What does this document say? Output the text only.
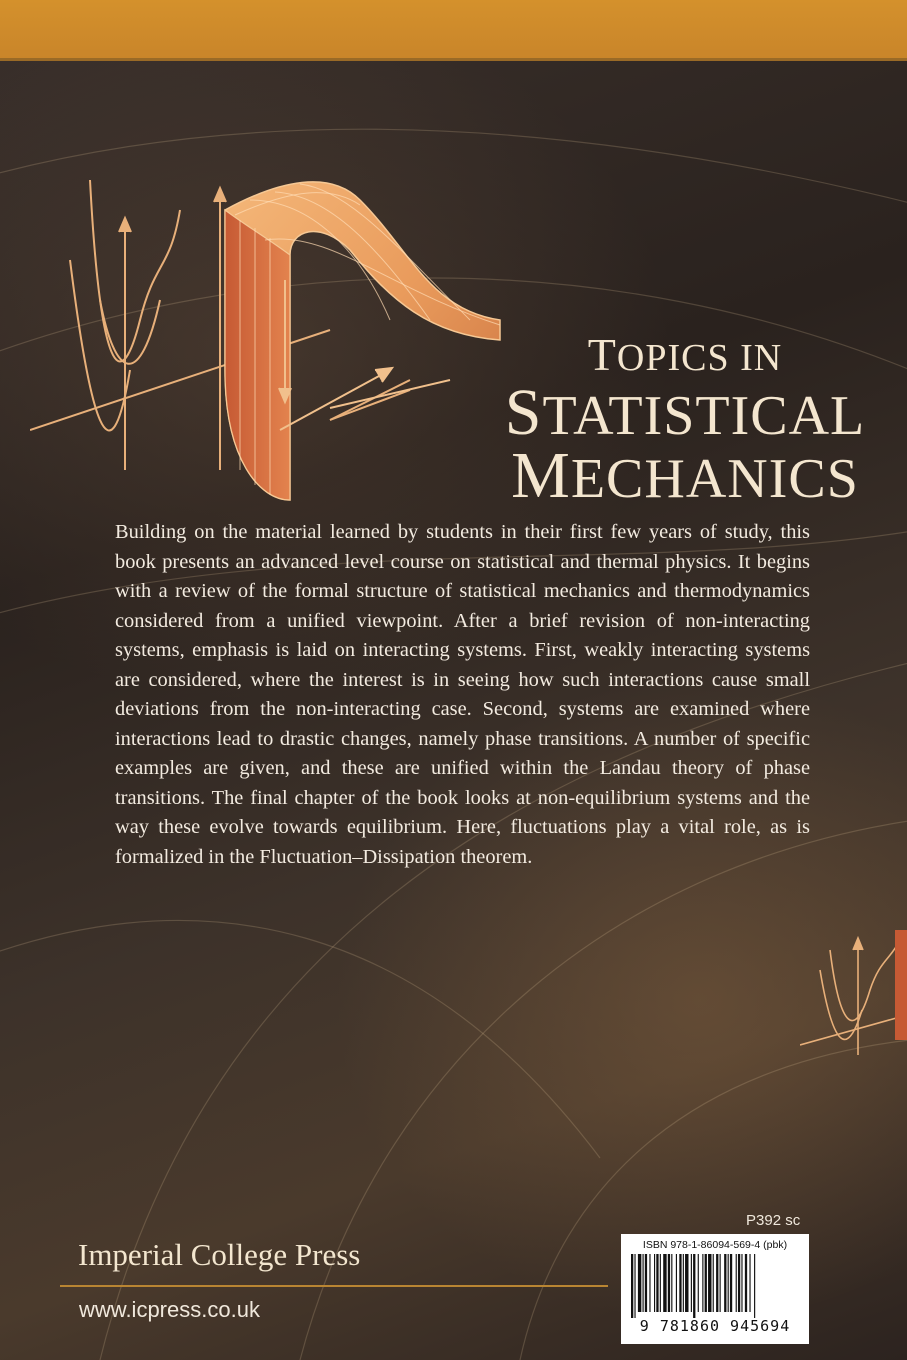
TOPICS IN
STATISTICAL
MECHANICS

Building on the material learned by students in their first few years of study, this book presents an advanced level course on statistical and thermal physics. It begins with a review of the formal structure of statistical mechanics and thermodynamics considered from a unified viewpoint. After a brief revision of non-interacting systems, emphasis is laid on interacting systems. First, weakly interacting systems are considered, where the interest is in seeing how such interactions cause small deviations from the non-interacting case. Second, systems are examined where interactions lead to drastic changes, namely phase transitions. A number of specific examples are given, and these are unified within the Landau theory of phase transitions. The final chapter of the book looks at non-equilibrium systems and the way these evolve towards equilibrium. Here, fluctuations play a vital role, as is formalized in the Fluctuation–Dissipation theorem.

P392 sc
Imperial College Press
www.icpress.co.uk
ISBN 978-1-86094-569-4 (pbk)
9 781860 945694
